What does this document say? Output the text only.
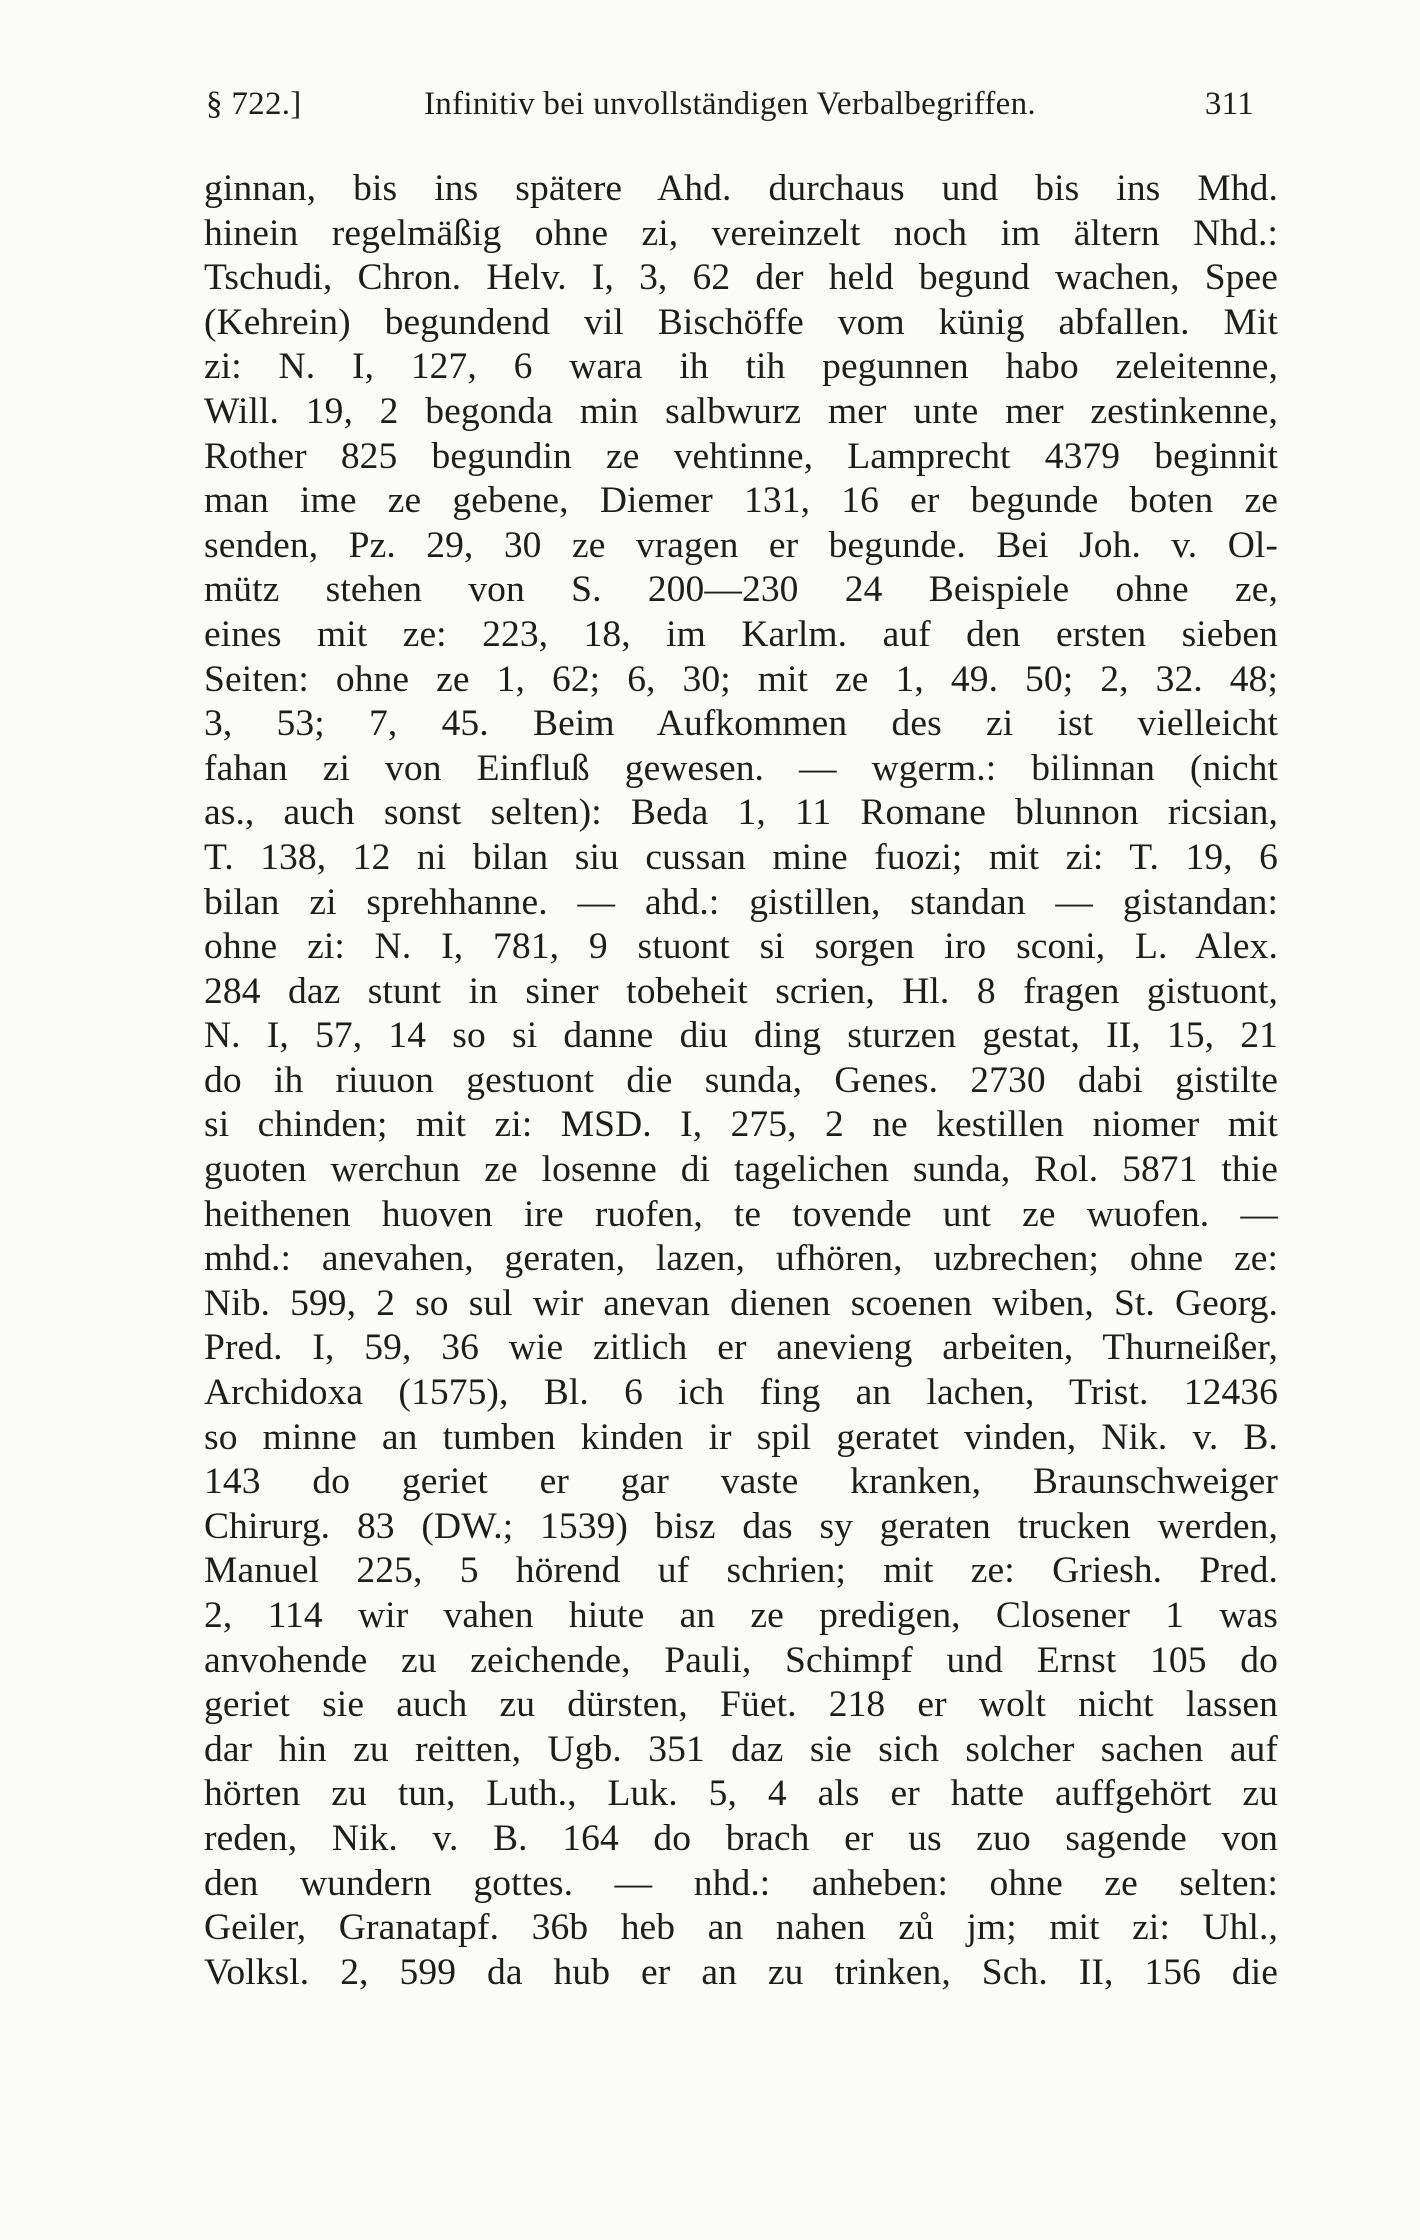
§ 722.]	Infinitiv bei unvollständigen Verbalbegriffen.	311
ginnan, bis ins spätere Ahd. durchaus und bis ins Mhd.
hinein regelmäßig ohne zi, vereinzelt noch im ältern Nhd.:
Tschudi, Chron. Helv. I, 3, 62 der held begund wachen, Spee
(Kehrein) begundend vil Bischöffe vom künig abfallen. Mit
zi: N. I, 127, 6 wara ih tih pegunnen habo zeleitenne,
Will. 19, 2 begonda min salbwurz mer unte mer zestinkenne,
Rother 825 begundin ze vehtinne, Lamprecht 4379 beginnit
man ime ze gebene, Diemer 131, 16 er begunde boten ze
senden, Pz. 29, 30 ze vragen er begunde. Bei Joh. v. Ol-
mütz stehen von S. 200—230 24 Beispiele ohne ze,
eines mit ze: 223, 18, im Karlm. auf den ersten sieben
Seiten: ohne ze 1, 62; 6, 30; mit ze 1, 49. 50; 2, 32. 48;
3, 53; 7, 45. Beim Aufkommen des zi ist vielleicht
fahan zi von Einfluß gewesen. — wgerm.: bilinnan (nicht
as., auch sonst selten): Beda 1, 11 Romane blunnon ricsian,
T. 138, 12 ni bilan siu cussan mine fuozi; mit zi: T. 19, 6
bilan zi sprehhanne. — ahd.: gistillen, standan — gistandan:
ohne zi: N. I, 781, 9 stuont si sorgen iro sconi, L. Alex.
284 daz stunt in siner tobeheit scrien, Hl. 8 fragen gistuont,
N. I, 57, 14 so si danne diu ding sturzen gestat, II, 15, 21
do ih riuuon gestuont die sunda, Genes. 2730 dabi gistilte
si chinden; mit zi: MSD. I, 275, 2 ne kestillen niomer mit
guoten werchun ze losenne di tagelichen sunda, Rol. 5871 thie
heithenen huoven ire ruofen, te tovende unt ze wuofen. —
mhd.: anevahen, geraten, lazen, ufhören, uzbrechen; ohne ze:
Nib. 599, 2 so sul wir anevan dienen scoenen wiben, St. Georg.
Pred. I, 59, 36 wie zitlich er anevieng arbeiten, Thurneißer,
Archidoxa (1575), Bl. 6 ich fing an lachen, Trist. 12436
so minne an tumben kinden ir spil geratet vinden, Nik. v. B.
143 do geriet er gar vaste kranken, Braunschweiger
Chirurg. 83 (DW.; 1539) bisz das sy geraten trucken werden,
Manuel 225, 5 hörend uf schrien; mit ze: Griesh. Pred.
2, 114 wir vahen hiute an ze predigen, Closener 1 was
anvohende zu zeichende, Pauli, Schimpf und Ernst 105 do
geriet sie auch zu dürsten, Füet. 218 er wolt nicht lassen
dar hin zu reitten, Ugb. 351 daz sie sich solcher sachen auf
hörten zu tun, Luth., Luk. 5, 4 als er hatte auffgehört zu
reden, Nik. v. B. 164 do brach er us zuo sagende von
den wundern gottes. — nhd.: anheben: ohne ze selten:
Geiler, Granatapf. 36b heb an nahen zů jm; mit zi: Uhl.,
Volksl. 2, 599 da hub er an zu trinken, Sch. II, 156 die
